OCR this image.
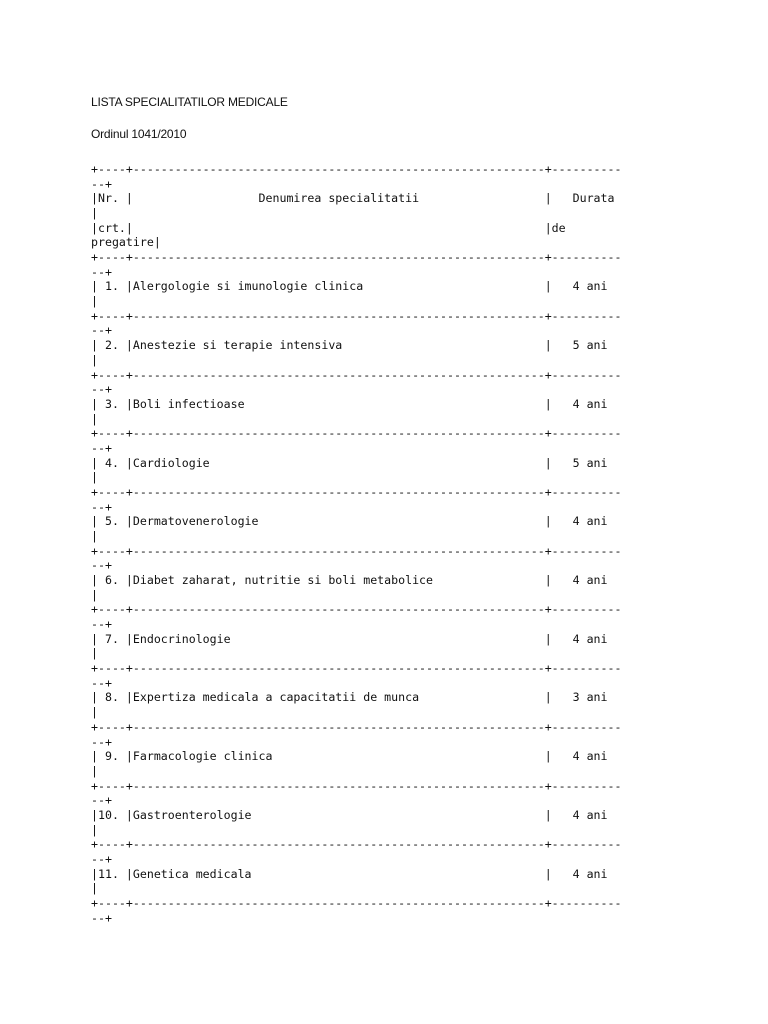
LISTA SPECIALITATILOR MEDICALE
Ordinul 1041/2010
+----+-----------------------------------------------------------+----------
--+
|Nr. |                  Denumirea specialitatii                  |   Durata
|
|crt.|                                                           |de
pregatire|
+----+-----------------------------------------------------------+----------
--+
| 1. |Alergologie si imunologie clinica                          |   4 ani
|
+----+-----------------------------------------------------------+----------
--+
| 2. |Anestezie si terapie intensiva                             |   5 ani
|
+----+-----------------------------------------------------------+----------
--+
| 3. |Boli infectioase                                           |   4 ani
|
+----+-----------------------------------------------------------+----------
--+
| 4. |Cardiologie                                                |   5 ani
|
+----+-----------------------------------------------------------+----------
--+
| 5. |Dermatovenerologie                                         |   4 ani
|
+----+-----------------------------------------------------------+----------
--+
| 6. |Diabet zaharat, nutritie si boli metabolice                |   4 ani
|
+----+-----------------------------------------------------------+----------
--+
| 7. |Endocrinologie                                             |   4 ani
|
+----+-----------------------------------------------------------+----------
--+
| 8. |Expertiza medicala a capacitatii de munca                  |   3 ani
|
+----+-----------------------------------------------------------+----------
--+
| 9. |Farmacologie clinica                                       |   4 ani
|
+----+-----------------------------------------------------------+----------
--+
|10. |Gastroenterologie                                          |   4 ani
|
+----+-----------------------------------------------------------+----------
--+
|11. |Genetica medicala                                          |   4 ani
|
+----+-----------------------------------------------------------+----------
--+
